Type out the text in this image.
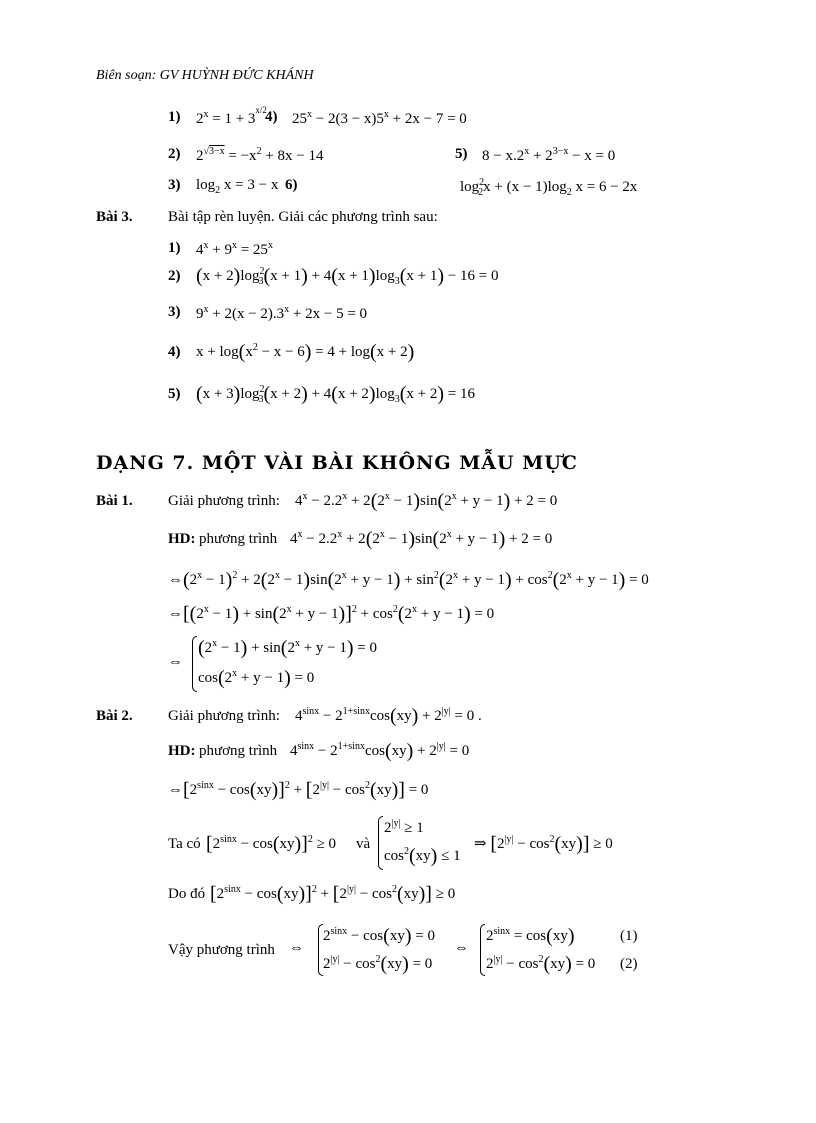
Biên soạn: GV HUỲNH ĐỨC KHÁNH
1) $2^x = 1 + 3^{x/2}$
4) $25^x - 2(3 - x)5^x + 2x - 7 = 0$
2) $2^{√3-x} = -x^2 + 8x - 14$	5) $8 - x.2^x + 2^{3-x} - x = 0$
3) $\log_2 x = 3 - x$ 6)	$\log^2_2x + (x - 1)\log_2$ x = 6 − 2x
Bài 3. Bài tập rèn luyện. Giải các phương trình sau:
1) $4^x + 9^x = 25^x$
2) $(x + 2)\log^2_3(x + 1) + 4(x + 1)\log_3(x + 1) - 16 = 0$
3) $9^x + 2(x - 2).3^x + 2x - 5 = 0$
4) $x + \log(x^2 - x - 6) = 4 + \log(x + 2)$
5) $(x + 3)\log^2_3(x + 2) + 4(x + 2)\log_3(x + 2) = 16$
DẠNG 7. MỘT VÀI BÀI KHÔNG MẪU MỰC
Bài 1. Giải phương trình: $4^x - 2.2^x + 2(2^x - 1)\sin(2^x + y - 1) + 2 = 0$
HD: phương trình $4^x - 2.2^x + 2(2^x - 1)\sin(2^x + y - 1) + 2 = 0$
$\Leftrightarrow(2^x - 1)^2 + 2(2^x - 1)\sin(2^x + y - 1) + \sin^2(2^x + y - 1) + \cos^2(2^x + y - 1) = 0$
$\Leftrightarrow[(2^x - 1) + \sin(2^x + y - 1)]^2 + \cos^2(2^x + y - 1) = 0$
⇔
$(2^x - 1) + \sin(2^x + y - 1) = 0$
$\cos(2^x + y - 1) = 0$
Bài 2. Giải phương trình: $4^{sinx} - 2^{1+sinx}\cos(xy) + 2^{|y|} = 0$ .
HD: phương trình $4^{sinx} - 2^{1+sinx}\cos(xy) + 2^{|y|} = 0$
$\Leftrightarrow[2^{sinx} - \cos(xy)]^2 + [2^{|y|} - \cos^2(xy)] = 0$
Ta có $[2^{sinx} - \cos(xy)]^2 \ge 0$ và
$2^{|y|} \ge 1$
$\cos^2(xy) \le 1$
⇒ $[2^{|y|} - \cos^2(xy)] \ge 0$
Do đó $[2^{sinx} - \cos(xy)]^2 + [2^{|y|} - \cos^2(xy)] \ge 0$
Vậy phương trình ⇔
$2^{sinx} - \cos(xy) = 0$
$2^{|y|} - \cos^2(xy) = 0$
⇔
$2^{sinx} = \cos(xy)$
$2^{|y|} - \cos^2(xy) = 0$
(1)
(2)
